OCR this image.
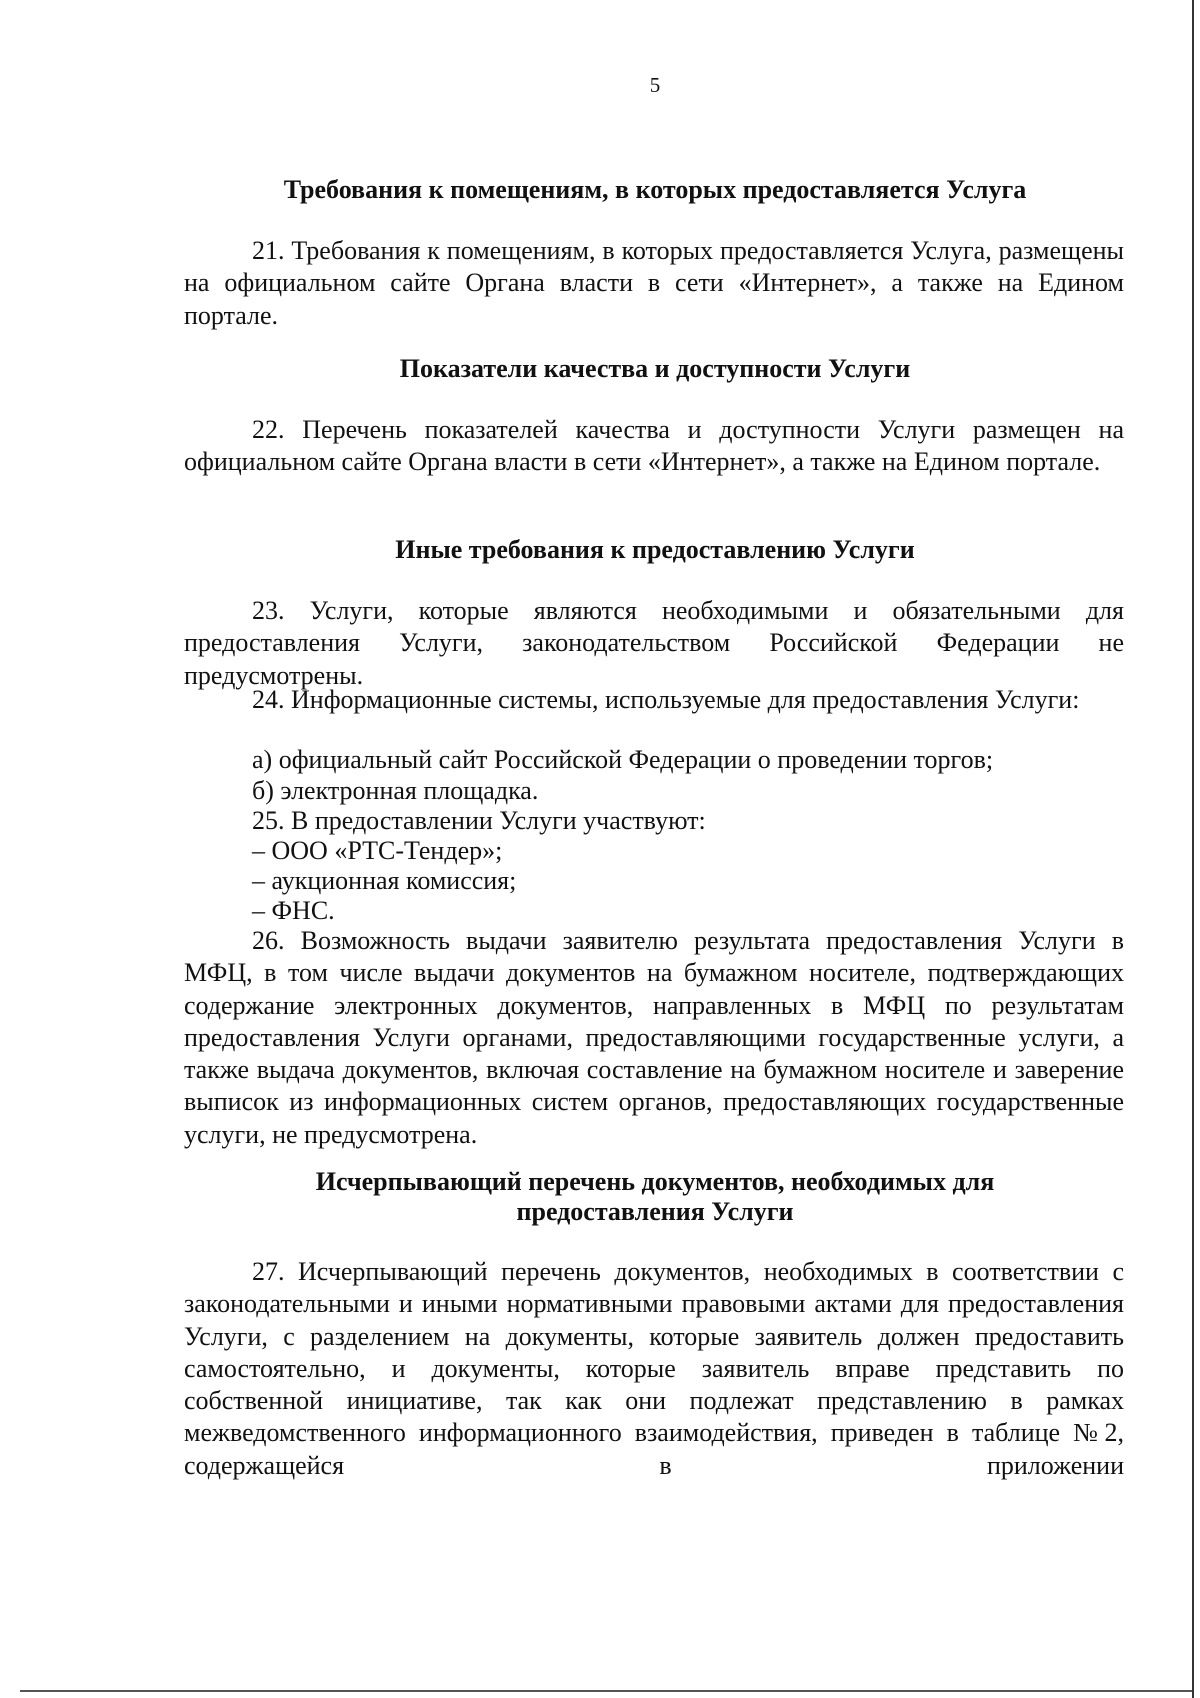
5
Требования к помещениям, в которых предоставляется Услуга
21. Требования к помещениям, в которых предоставляется Услуга, размещены на официальном сайте Органа власти в сети «Интернет», а также на Едином портале.
Показатели качества и доступности Услуги
22. Перечень показателей качества и доступности Услуги размещен на официальном сайте Органа власти в сети «Интернет», а также на Едином портале.
Иные требования к предоставлению Услуги
23. Услуги, которые являются необходимыми и обязательными для предоставления Услуги, законодательством Российской Федерации не предусмотрены.
24. Информационные системы, используемые для предоставления Услуги:
а) официальный сайт Российской Федерации о проведении торгов;
б) электронная площадка.
25. В предоставлении Услуги участвуют:
– ООО «РТС-Тендер»;
– аукционная комиссия;
– ФНС.
26. Возможность выдачи заявителю результата предоставления Услуги в МФЦ, в том числе выдачи документов на бумажном носителе, подтверждающих содержание электронных документов, направленных в МФЦ по результатам предоставления Услуги органами, предоставляющими государственные услуги, а также выдача документов, включая составление на бумажном носителе и заверение выписок из информационных систем органов, предоставляющих государственные услуги, не предусмотрена.
Исчерпывающий перечень документов, необходимых для
предоставления Услуги
27. Исчерпывающий перечень документов, необходимых в соответствии с законодательными и иными нормативными правовыми актами для предоставления Услуги, с разделением на документы, которые заявитель должен предоставить самостоятельно, и документы, которые заявитель вправе представить по собственной инициативе, так как они подлежат представлению в рамках межведомственного информационного взаимодействия, приведен в таблице №2, содержащейся в приложении
